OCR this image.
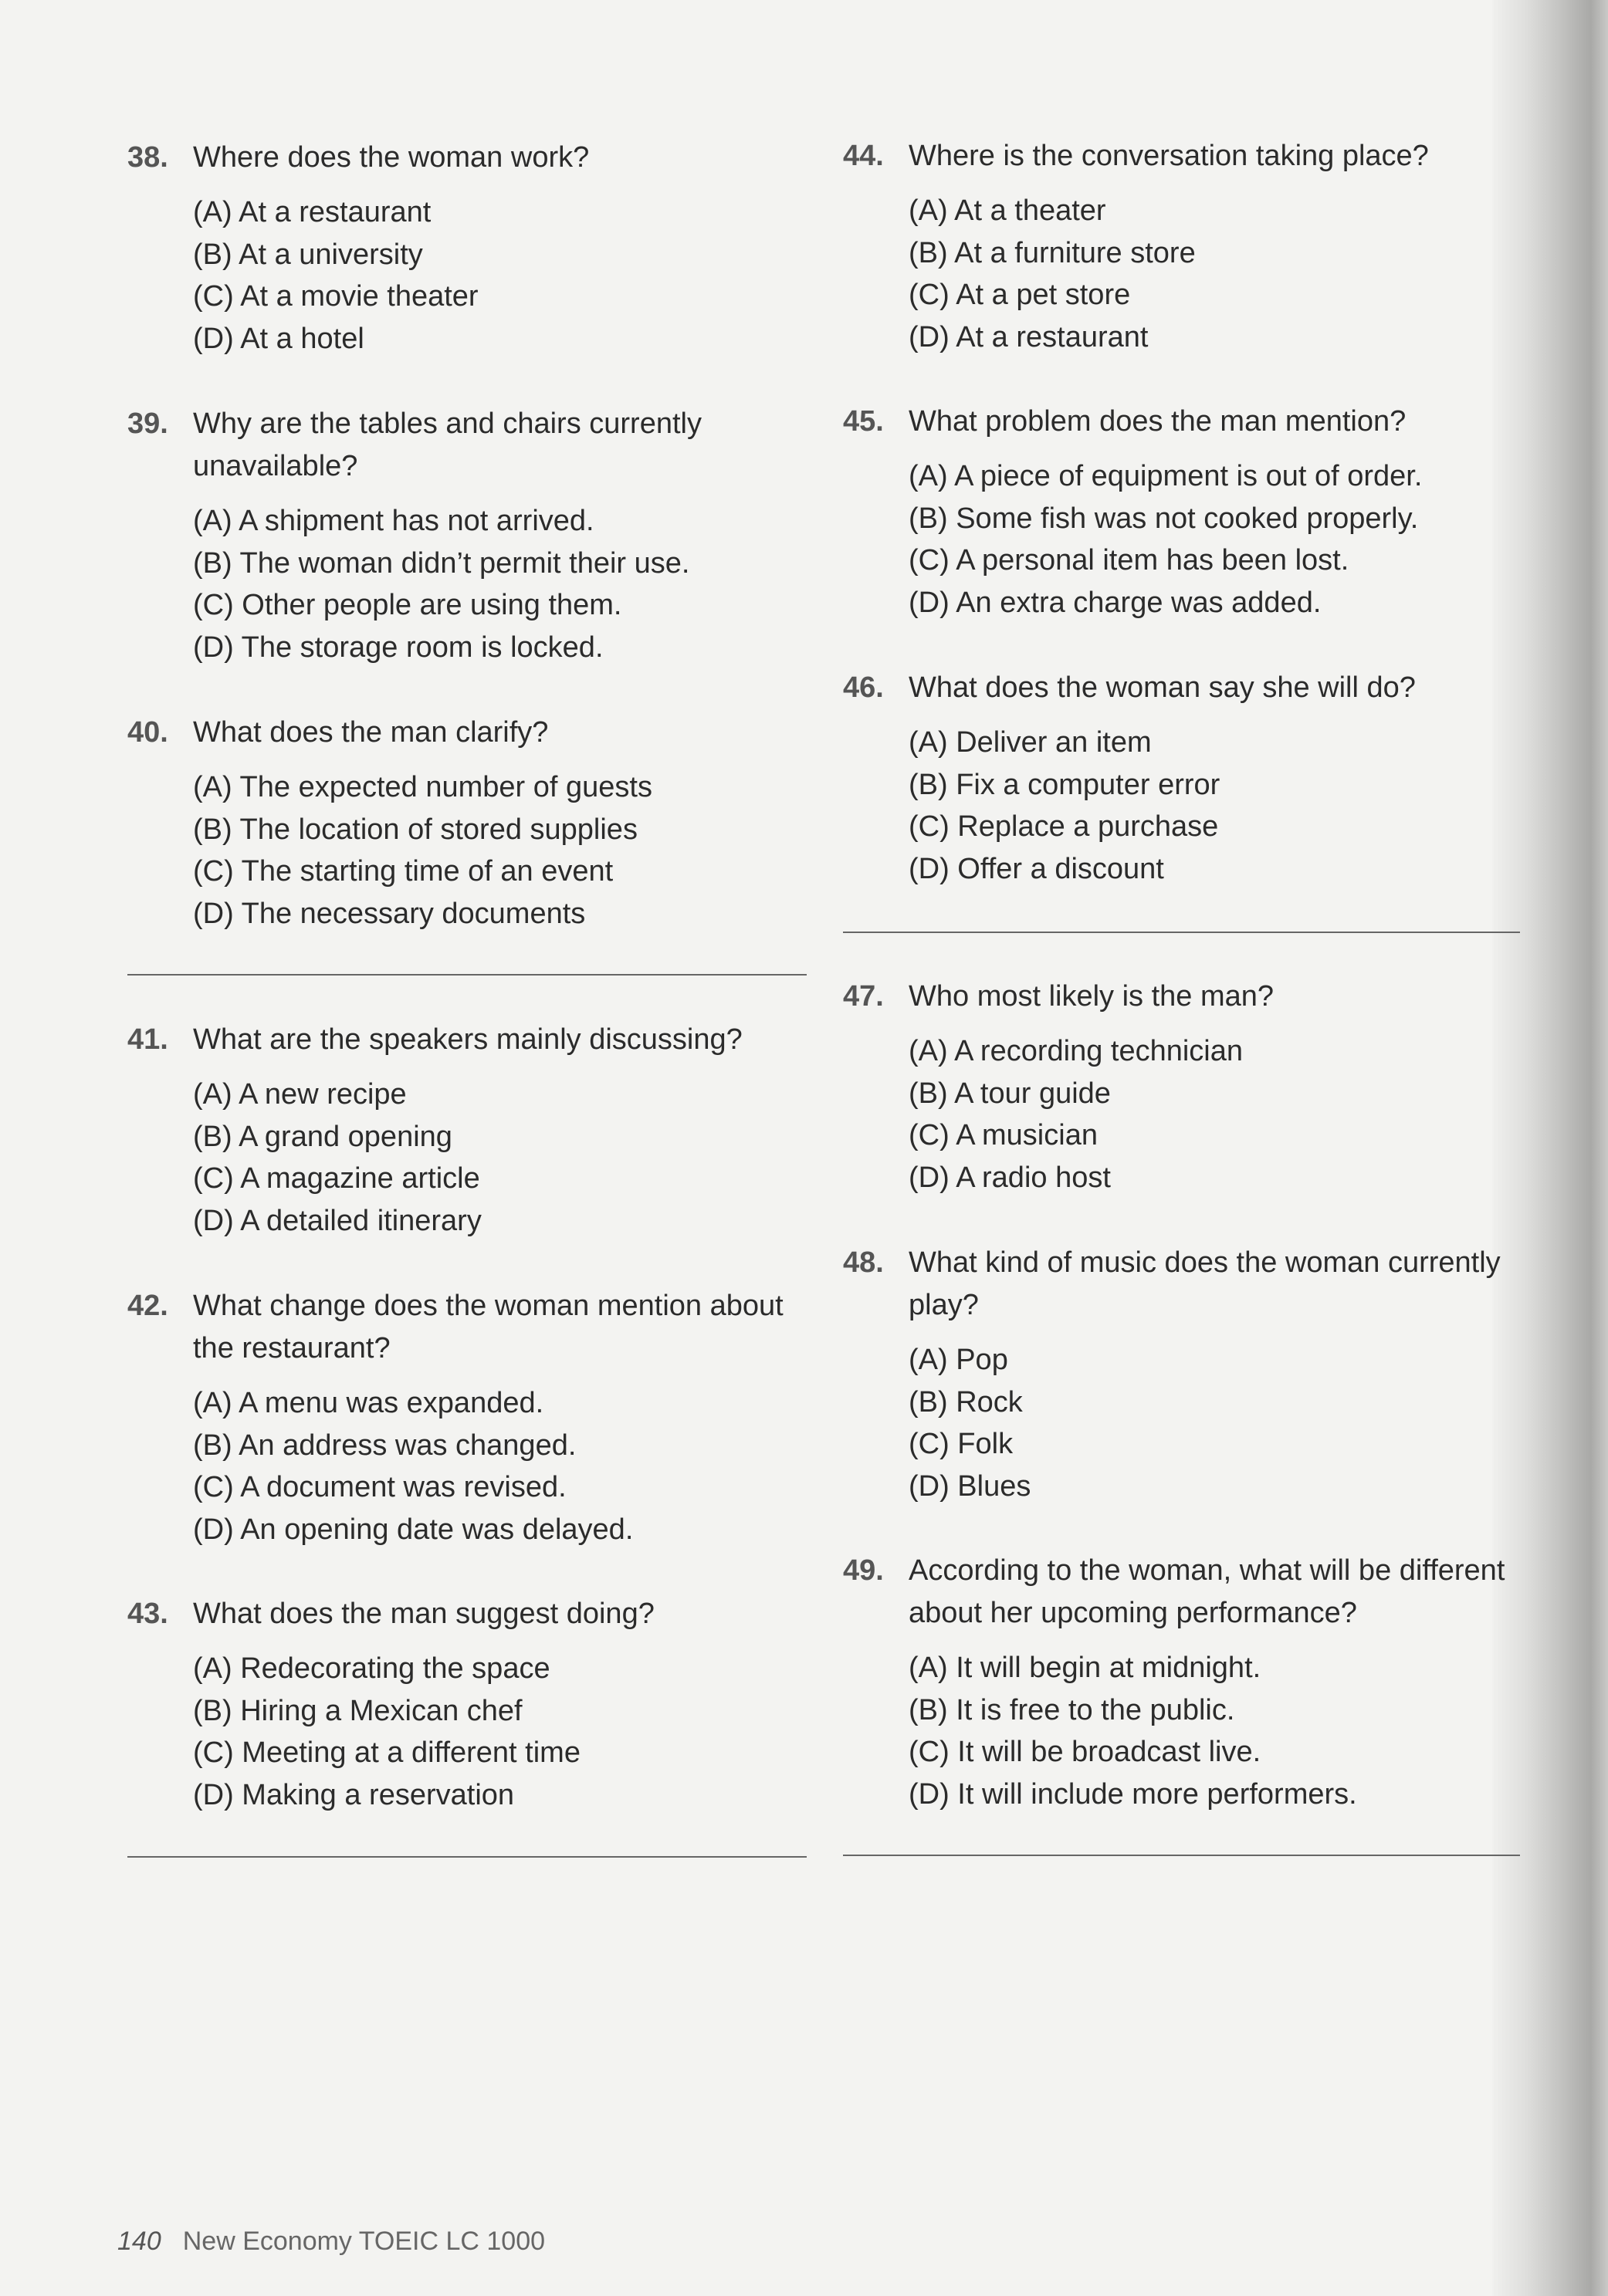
38. Where does the woman work?
(A) At a restaurant
(B) At a university
(C) At a movie theater
(D) At a hotel
39. Why are the tables and chairs currently unavailable?
(A) A shipment has not arrived.
(B) The woman didn’t permit their use.
(C) Other people are using them.
(D) The storage room is locked.
40. What does the man clarify?
(A) The expected number of guests
(B) The location of stored supplies
(C) The starting time of an event
(D) The necessary documents
41. What are the speakers mainly discussing?
(A) A new recipe
(B) A grand opening
(C) A magazine article
(D) A detailed itinerary
42. What change does the woman mention about the restaurant?
(A) A menu was expanded.
(B) An address was changed.
(C) A document was revised.
(D) An opening date was delayed.
43. What does the man suggest doing?
(A) Redecorating the space
(B) Hiring a Mexican chef
(C) Meeting at a different time
(D) Making a reservation
44. Where is the conversation taking place?
(A) At a theater
(B) At a furniture store
(C) At a pet store
(D) At a restaurant
45. What problem does the man mention?
(A) A piece of equipment is out of order.
(B) Some fish was not cooked properly.
(C) A personal item has been lost.
(D) An extra charge was added.
46. What does the woman say she will do?
(A) Deliver an item
(B) Fix a computer error
(C) Replace a purchase
(D) Offer a discount
47. Who most likely is the man?
(A) A recording technician
(B) A tour guide
(C) A musician
(D) A radio host
48. What kind of music does the woman currently play?
(A) Pop
(B) Rock
(C) Folk
(D) Blues
49. According to the woman, what will be different about her upcoming performance?
(A) It will begin at midnight.
(B) It is free to the public.
(C) It will be broadcast live.
(D) It will include more performers.
140 New Economy TOEIC LC 1000
